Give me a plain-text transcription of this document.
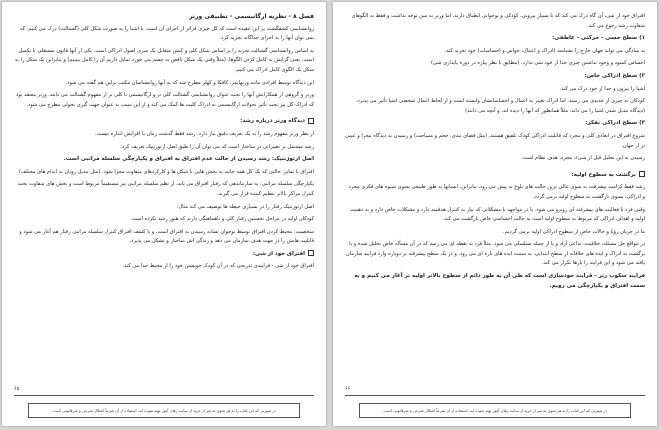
فصل ۸ - نظریه ارگانیسمی - تطبیقی ورنر

روانشناسی کشفگشت بر این عقیده است که کل چیزی فراتر از اجزای آن است. با اشیا را به صورت شکل کلی (گشتالت) درک می کنیم. که نمی توان آنها را به اجزای جداگانه تجزیه کرد.

به اساس روانشناسی گشتالت تجربه را بر اساس شکل کلی و کنش متقابل یک سری اصول ادراکی است. یکی از آنها قانون مستقلی با تکمیل است. یعنی گرایش به کامل کردن الگوها. (مثلاً وقتی یک شکل ناقص به چشم می خورد تمایل داریم آن را کامل ببینیم) و بنابراین یک شکل را به شکل یک الگوی کامل ادراک می کنیم.

این دیدگاه توسط افرادی مانند ورتهایمر، کافکا و کهلر مطرح شد که به آنها روانشناسان مکتب برلین هم گفته می شود.

ورنر و گروهی از همکارانش آنها را تحت عنوان روانشناسی گشتالت کلی تر و ارگانیسمی با کلی تر از مفهوم گشتالت می دانند. ورنر معتقد بود که ادراک کل نیز تحت تأثیر تحولات ارگانیسمی به ادراک کلیت ها کمک می کند و از این سبب به عنوان جهت گیری تحولی مطرح می شود.

دیدگاه ورنر درباره رشد:

از نظر ورنر مفهوم رشد را به یک تعریف دقیق نیاز دارد. رشد فقط گذشت زمان یا افزایش اندازه نیست.

رشد مشتمل بر تغییراتی در ساختار است که می توان آن را طبق اصل ارتوژنتیک تعریف کرد.

اصل ارتوژنتیک: رشد رسیدن از حالت عدم افتراق به افتراق و یکپارچگی سلسله مراتبی است.

افتراق یا تمایز: حالتی که یک کل همه جانبه به بخش هایی با شکل ها و کارکردهای متفاوت مجزا شود. (مثل تبدیل رویان به اندام های مختلف)

یکپارچگی سلسله مراتبی: به سازماندهی که رفتار افتراق می یابد، از نظم سلسله مراتبی نیز مستقیماً مربوط است و بخش های متفاوت تحت کنترل مراکز بالاتر تنظیم کننده قرار می گیرند.

اصل ارتوژنتیک رفتار را در بسیاری حیطه ها توصیف می کند مثال:

کودکان اولیه در مراحل نخستین رفتار کلی و ناهماهنگی دارند که هنوز رشد نکرده است.

شخصیت: محیط کردن افتراق توسط نوجوان نشانه رسیدن به افتراق است. و با کشف افتراق کنترل سلسله مراتبی رفتار هم آغاز می شود و قابلیت هایش را در جهت هدف سازمان می دهد و زندگی اش ساختار و تشکل می پذیرد.

افتراق خود از شی:

افتراق خود از شی - فرایندی تدریجی که در آن کودک خویشتن خود را از محیط جدا می کند.

۶۵
در صورتی که این کتاب را به هر نحوی به غیر از خرید از سایت رهان آمور تهیه نموده اید، استفاده از آن شرعاً اشکال شرعی و غیرقانونی است.

افتراق خود از شی، آن گاه درک می کند که با بسیار بیرونی، کودکی و نوجوانی انطباق دارند. اما ورنر به سن توجه نداشت و فقط به الگوهای متفاوت رشد رجوع می کند.

۱) سطح حسی - حرکتی - عاطفی:

به سادگی می تواند جهان خارج را بشناسد (ادراک و اعمال، حواس و احساسات) خود تجربه کند.

احساس کمبود و وجود نداشتن چیزی جدا از خود شی ندارد. (مطابق با نظر پیاژه در دوره پایداری شی)

۲) سطح ادراکی خاص:

اشیا را بیرون و جدا از خود درک می کند.

کودکان به چیزی از جدیدی می رسند. اما ادراک تغییر به اعمال و احساساتشان وابسته است و از لحاظ اعمال شخصی اشیا تأثیر می پذیرد. (دیدگاه تبدیل شدن اشیا را می داند. مثلاً همانطور که آنها را دیده اند، و آنچه می دانند)

۳) سطح ادراکی تفکر:

شروع افتراق در ابعادی کلی و مجرد که قابلیت ادراکی کودک تلفیق هستند، (مثل فضای بندی، حجم و مساحت) و رسیدن به دیدگاه مجرا و عینی تر از جهان.

رسیدن به این تحلیل قبل از شیء، مجرد، هدف نظام است.

برگشت به سطوح اولیه:

رشد فقط کرامت پیشرفت به سوی عالی ترین حالت های بلوغ به پیش می رود، بنابراین، انسانها به طور طبیعی بسوی شیوه های فکری مجرد و ادراکی، بسوی بازگشت به سطوح اولیه برمی گردد.

وقتی فرد با فعالیت های پیشرفته ای روبرو می شود. یا در مواجهه با مشکلاتی که نیاز به کنترل هدفمند دارد و مشکلات خاص دارد و به ذهنیت اولیه و اهداف ادراکی که مربوط به سطوح اولیه است به حالت احساسی خاص بازگشت می کند.

ما در جریان رؤیا و حالات خاص از سطوح ادراکی اولیه برمی گردیم.

در مواقع حل مسئله، خلاقیت، تداعی آزاد و یا از جمله تسلسلی می شود. مثلاً فرد به نقطه ای می رسد که در آن مسأله خاص تحلیل شده و با برگشت به ادراک و ایده های خلاقانه از سطح ابتدایی، به سمت ایده های تازه ای می رود. و در یک سطح پیشرفته تر دوباره وارد فرایند سازمان یافته می شود و این فرایند را بارها تکرار می کند.

فرایند سکوپ رتر - فرایند خودسازی است که طی آن به طور دائم از سطوح بالاتر اولیه تر آغاز می کنیم و به سمت افتراق و یکپارچگی می رویم.

۶۶
در صورتی که این کتاب را به هر نحوی به غیر از خرید از سایت رهان آمور تهیه نموده اید، استفاده از آن شرعاً اشکال شرعی و غیرقانونی است.
